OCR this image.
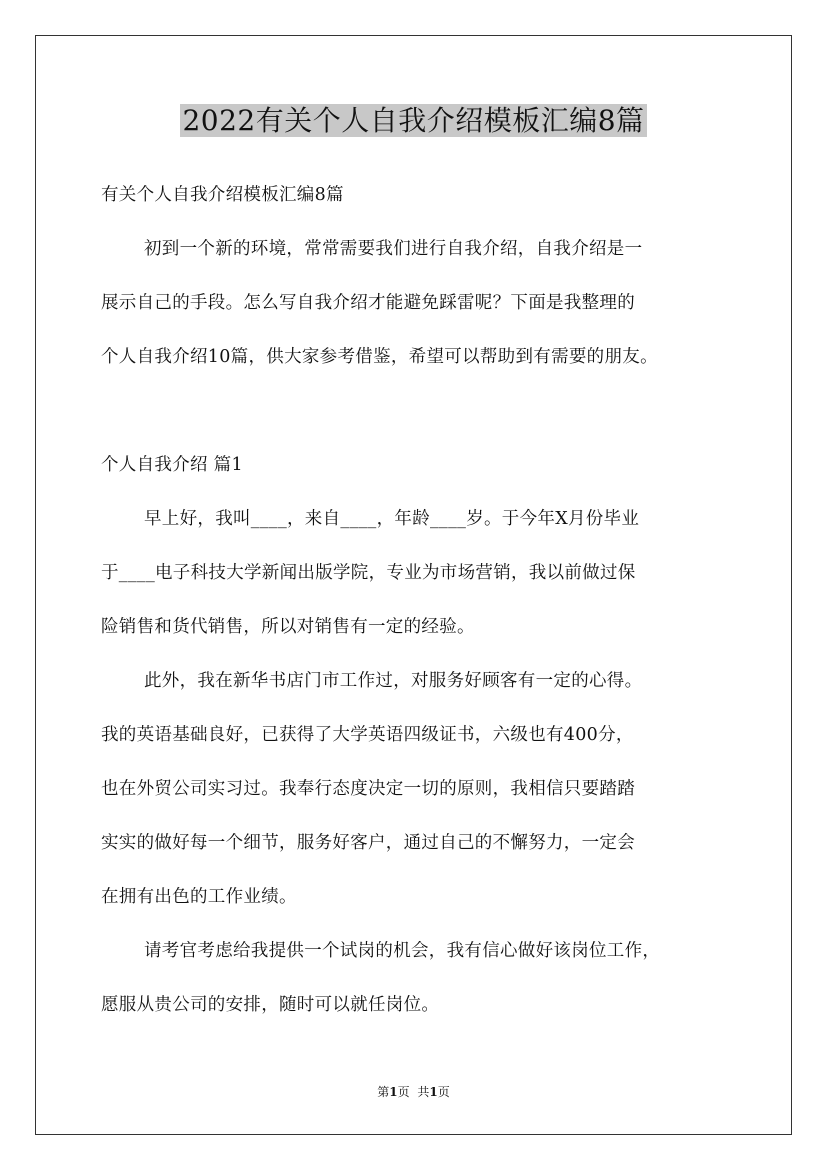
2022有关个人自我介绍模板汇编8篇
有关个人自我介绍模板汇编8篇
初到一个新的环境，常常需要我们进行自我介绍，自我介绍是一
展示自己的手段。怎么写自我介绍才能避免踩雷呢？下面是我整理的
个人自我介绍10篇，供大家参考借鉴，希望可以帮助到有需要的朋友。
个人自我介绍 篇1
早上好，我叫____，来自____，年龄____岁。于今年X月份毕业
于____电子科技大学新闻出版学院，专业为市场营销，我以前做过保
险销售和货代销售，所以对销售有一定的经验。
此外，我在新华书店门市工作过，对服务好顾客有一定的心得。
我的英语基础良好，已获得了大学英语四级证书，六级也有400分，
也在外贸公司实习过。我奉行态度决定一切的原则，我相信只要踏踏
实实的做好每一个细节，服务好客户，通过自己的不懈努力，一定会
在拥有出色的工作业绩。
请考官考虑给我提供一个试岗的机会，我有信心做好该岗位工作，
愿服从贵公司的安排，随时可以就任岗位。
第1页 共1页
